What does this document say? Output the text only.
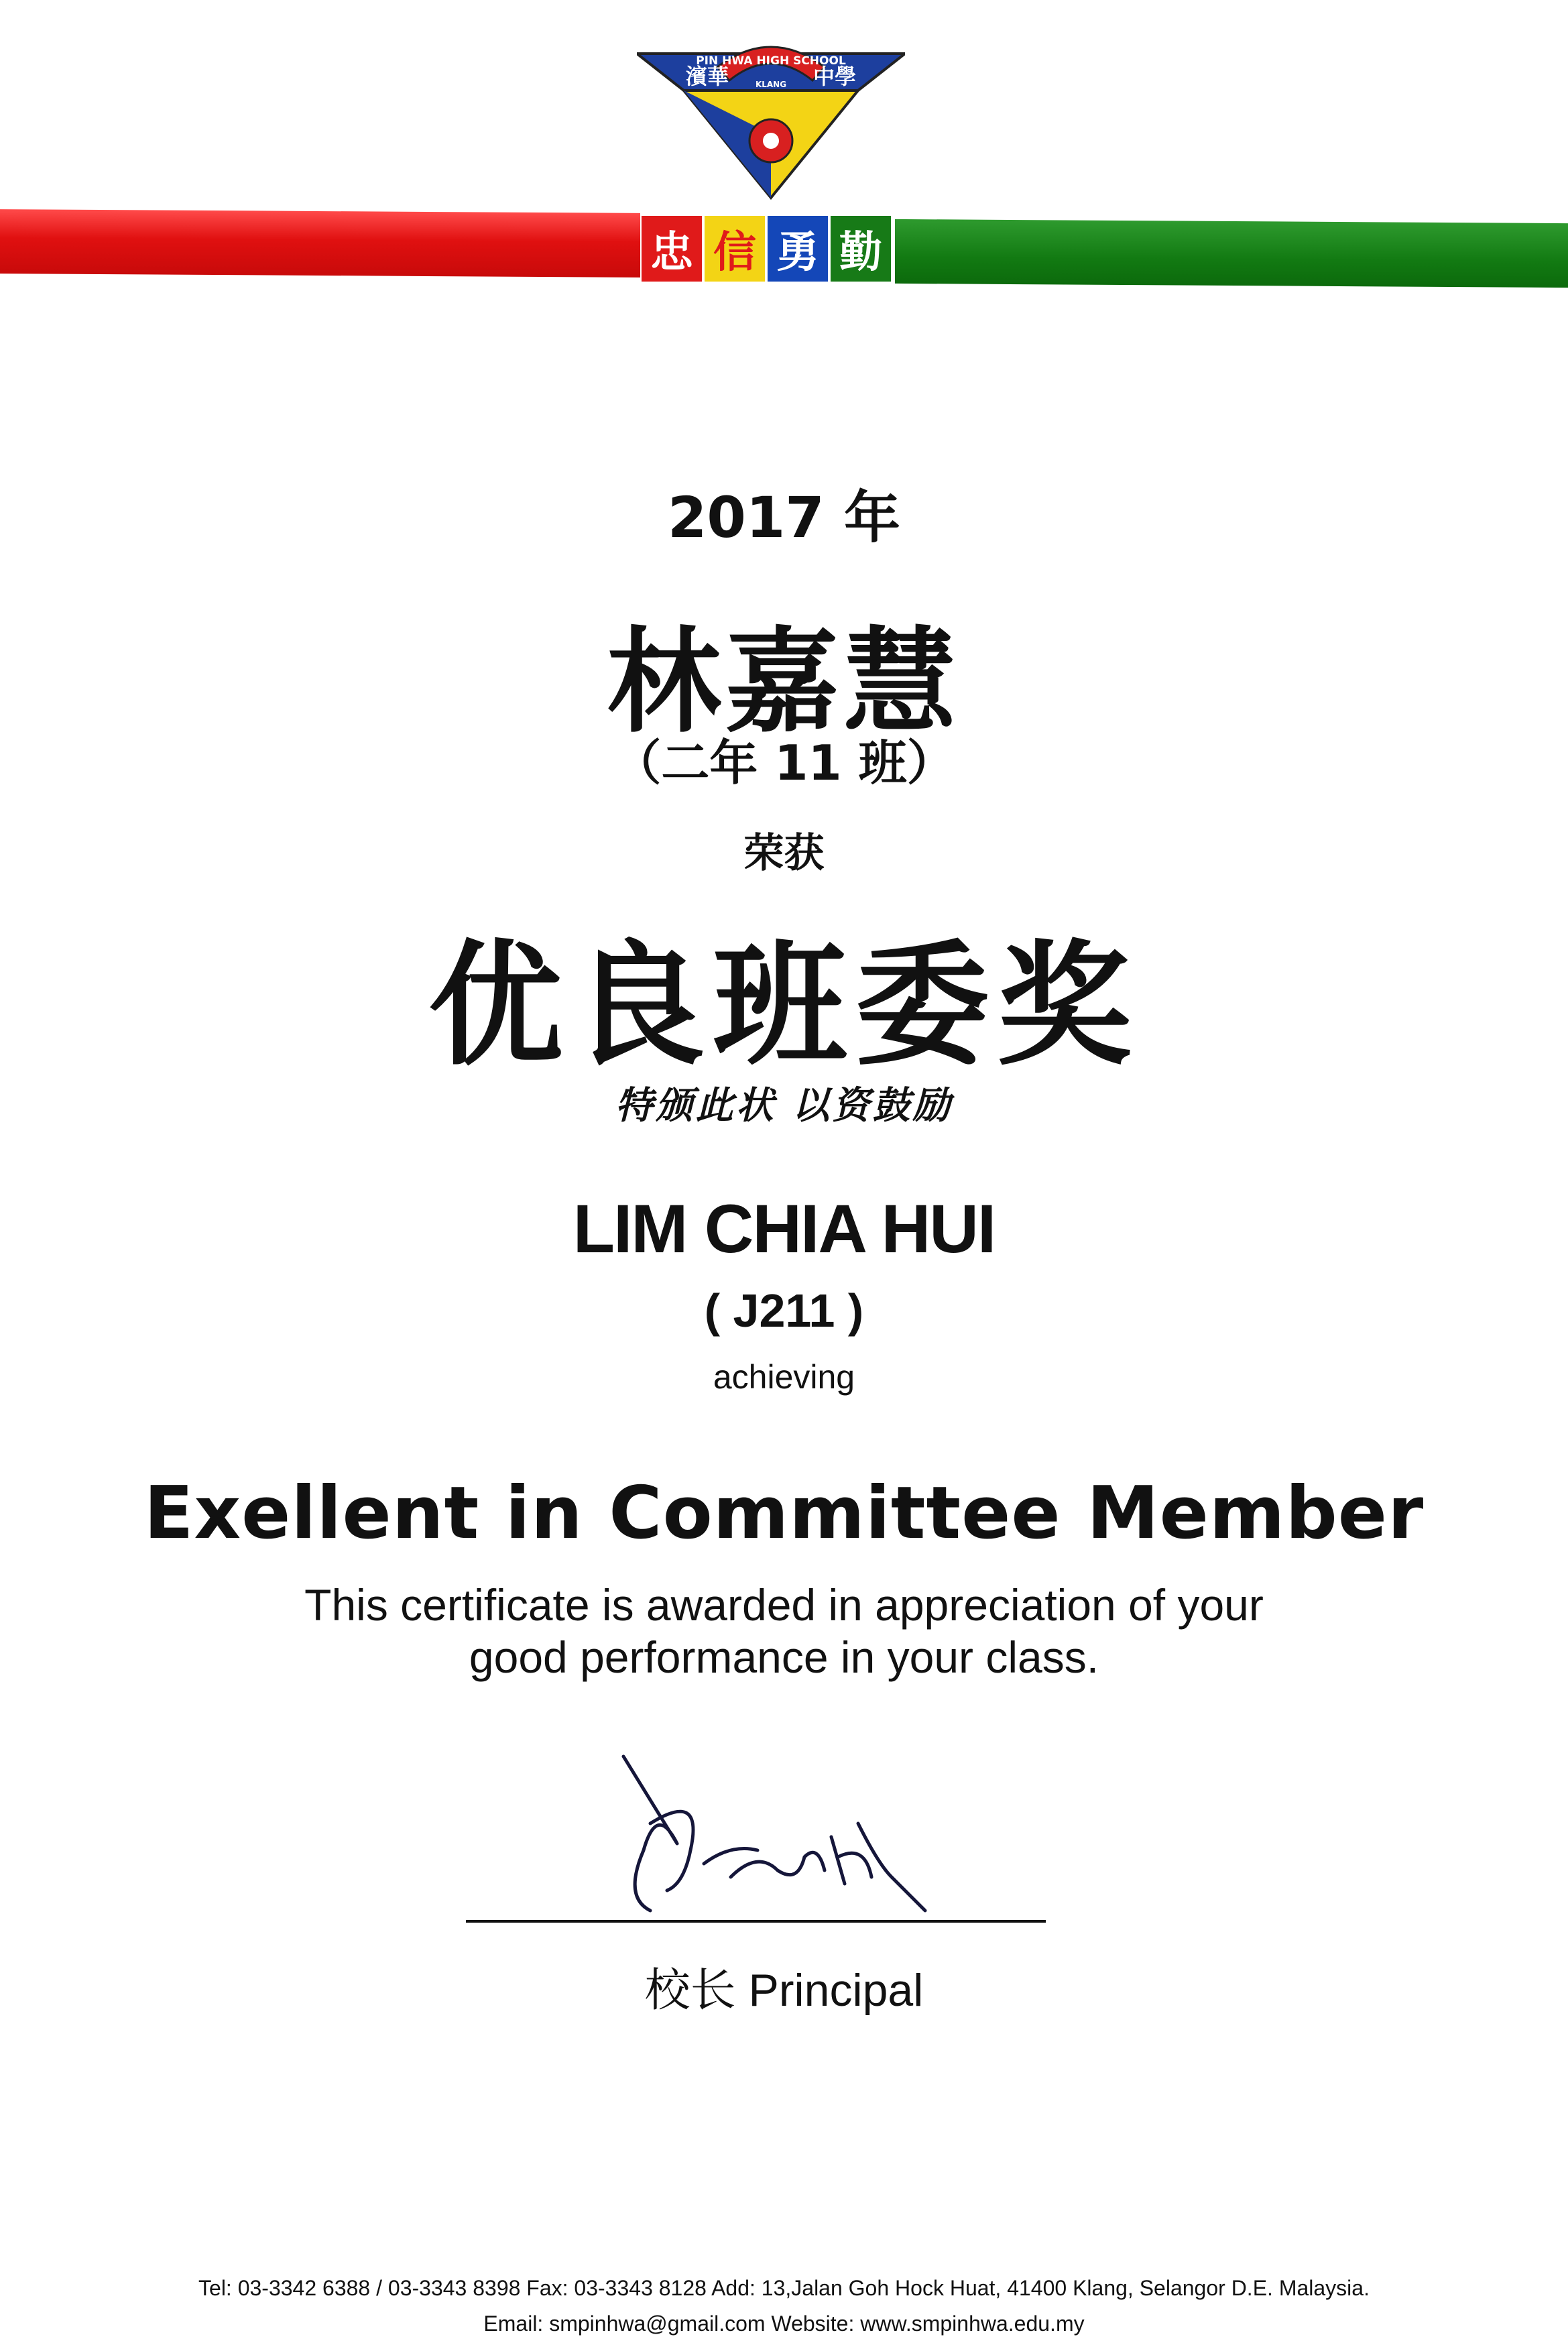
PIN HWA HIGH SCHOOL
KLANG
濱華	中學
忠 信 勇 勤
2017 年
林嘉慧
（二年 11 班）
荣获
优良班委奖
特颁此状 以资鼓励
LIM CHIA HUI
( J211 )
achieving
Exellent in Committee Member
This certificate is awarded in appreciation of your
good performance in your class.
校长 Principal
Tel: 03-3342 6388 / 03-3343 8398 Fax: 03-3343 8128 Add: 13,Jalan Goh Hock Huat, 41400 Klang, Selangor D.E. Malaysia.
Email: smpinhwa@gmail.com Website: www.smpinhwa.edu.my
